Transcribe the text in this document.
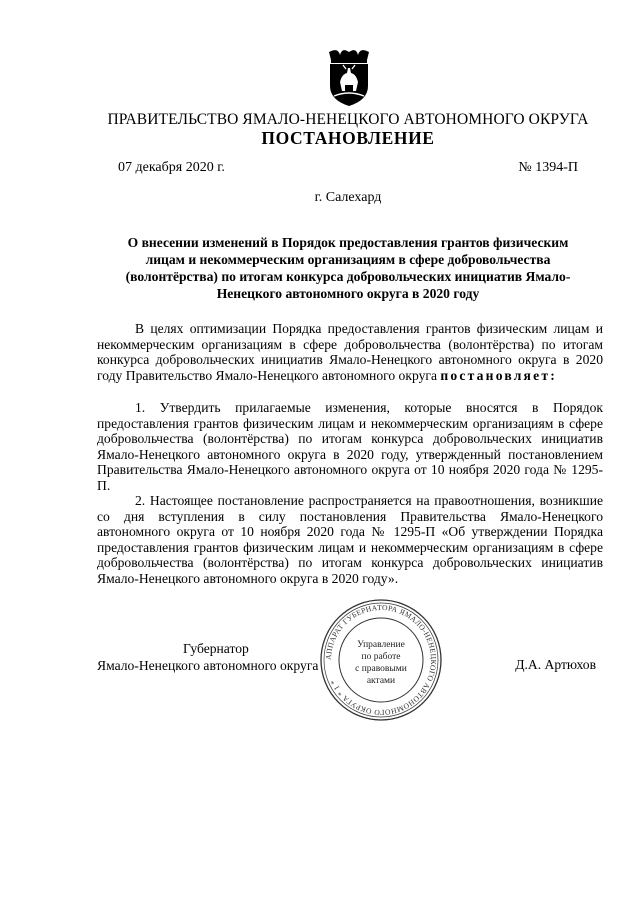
ПРАВИТЕЛЬСТВО ЯМАЛО-НЕНЕЦКОГО АВТОНОМНОГО ОКРУГА
ПОСТАНОВЛЕНИЕ
07 декабря 2020 г.	№ 1394-П
г. Салехард
О внесении изменений в Порядок предоставления грантов физическим лицам и некоммерческим организациям в сфере добровольчества (волонтёрства) по итогам конкурса добровольческих инициатив Ямало-Ненецкого автономного округа в 2020 году

В целях оптимизации Порядка предоставления грантов физическим лицам и некоммерческим организациям в сфере добровольчества (волонтёрства) по итогам конкурса добровольческих инициатив Ямало-Ненецкого автономного округа в 2020 году Правительство Ямало-Ненецкого автономного округа постановляет:

1. Утвердить прилагаемые изменения, которые вносятся в Порядок предоставления грантов физическим лицам и некоммерческим организациям в сфере добровольчества (волонтёрства) по итогам конкурса добровольческих инициатив Ямало-Ненецкого автономного округа в 2020 году, утвержденный постановлением Правительства Ямало-Ненецкого автономного округа от 10 ноября 2020 года № 1295-П.

2. Настоящее постановление распространяется на правоотношения, возникшие со дня вступления в силу постановления Правительства Ямало-Ненецкого автономного округа от 10 ноября 2020 года № 1295-П «Об утверждении Порядка предоставления грантов физическим лицам и некоммерческим организациям в сфере добровольчества (волонтёрства) по итогам конкурса добровольческих инициатив Ямало-Ненецкого автономного округа в 2020 году».

Губернатор
Ямало-Ненецкого автономного округа	Д.А. Артюхов
АППАРАТ ГУБЕРНАТОРА ЯМАЛО-НЕНЕЦКОГО АВТОНОМНОГО ОКРУГА * 1 *
Управление
по работе
с правовыми
актами
